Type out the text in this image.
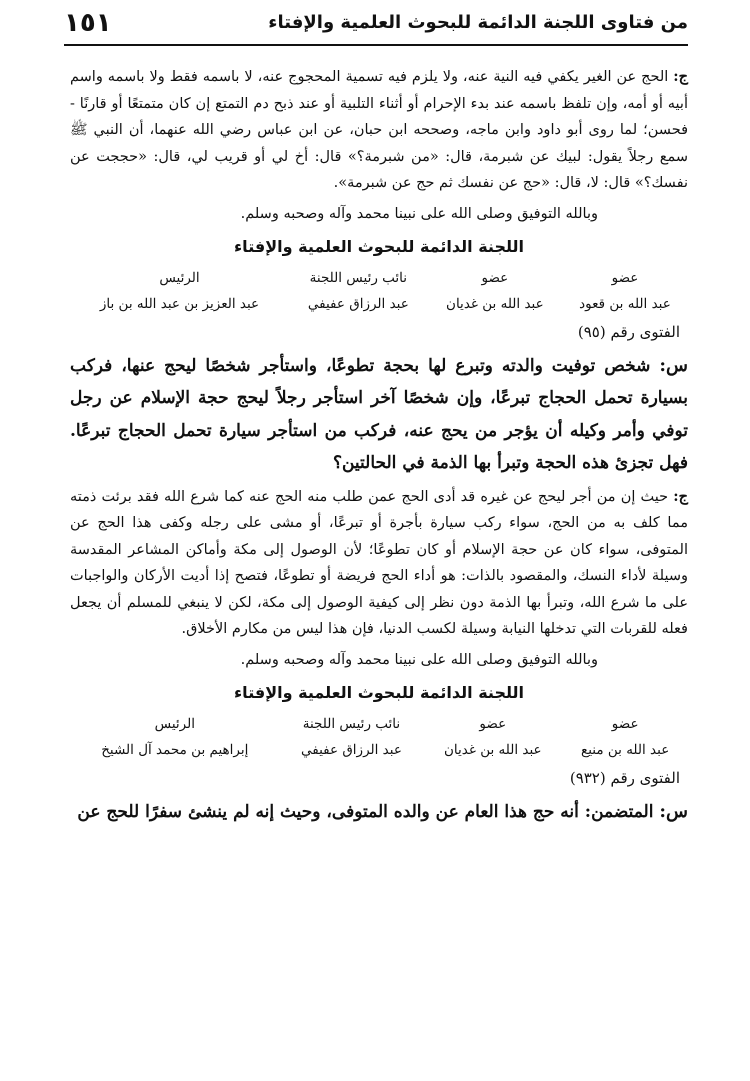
من فتاوى اللجنة الدائمة للبحوث العلمية والإفتاء
١٥١

ج: الحج عن الغير يكفي فيه النية عنه، ولا يلزم فيه تسمية المحجوج عنه، لا باسمه فقط ولا باسمه واسم أبيه أو أمه، وإن تلفظ باسمه عند بدء الإحرام أو أثناء التلبية أو عند ذبح دم التمتع إن كان متمتعًا أو قارنًا - فحسن؛ لما روى أبو داود وابن ماجه، وصححه ابن حبان، عن ابن عباس رضي الله عنهما، أن النبي ﷺ سمع رجلاً يقول: لبيك عن شبرمة، قال: «من شبرمة؟» قال: أخ لي أو قريب لي، قال: «حججت عن نفسك؟» قال: لا، قال: «حج عن نفسك ثم حج عن شبرمة».

وبالله التوفيق وصلى الله على نبينا محمد وآله وصحبه وسلم.

اللجنة الدائمة للبحوث العلمية والإفتاء
عضو	عضو	نائب رئيس اللجنة	الرئيس
عبد الله بن قعود	عبد الله بن غديان	عبد الرزاق عفيفي	عبد العزيز بن عبد الله بن باز
الفتوى رقم (٩٥)

س: شخص توفيت والدته وتبرع لها بحجة تطوعًا، واستأجر شخصًا ليحج عنها، فركب بسيارة تحمل الحجاج تبرعًا، وإن شخصًا آخر استأجر رجلاً ليحج حجة الإسلام عن رجل توفي وأمر وكيله أن يؤجر من يحج عنه، فركب من استأجر سيارة تحمل الحجاج تبرعًا. فهل تجزئ هذه الحجة وتبرأ بها الذمة في الحالتين؟

ج: حيث إن من أجر ليحج عن غيره قد أدى الحج عمن طلب منه الحج عنه كما شرع الله فقد برئت ذمته مما كلف به من الحج، سواء ركب سيارة بأجرة أو تبرعًا، أو مشى على رجله وكفى هذا الحج عن المتوفى، سواء كان عن حجة الإسلام أو كان تطوعًا؛ لأن الوصول إلى مكة وأماكن المشاعر المقدسة وسيلة لأداء النسك، والمقصود بالذات: هو أداء الحج فريضة أو تطوعًا، فتصح إذا أديت الأركان والواجبات على ما شرع الله، وتبرأ بها الذمة دون نظر إلى كيفية الوصول إلى مكة، لكن لا ينبغي للمسلم أن يجعل فعله للقربات التي تدخلها النيابة وسيلة لكسب الدنيا، فإن هذا ليس من مكارم الأخلاق.

وبالله التوفيق وصلى الله على نبينا محمد وآله وصحبه وسلم.

اللجنة الدائمة للبحوث العلمية والإفتاء
عضو	عضو	نائب رئيس اللجنة	الرئيس
عبد الله بن منيع	عبد الله بن غديان	عبد الرزاق عفيفي	إبراهيم بن محمد آل الشيخ
الفتوى رقم (٩٣٢)

س: المتضمن: أنه حج هذا العام عن والده المتوفى، وحيث إنه لم ينشئ سفرًا للحج عن
